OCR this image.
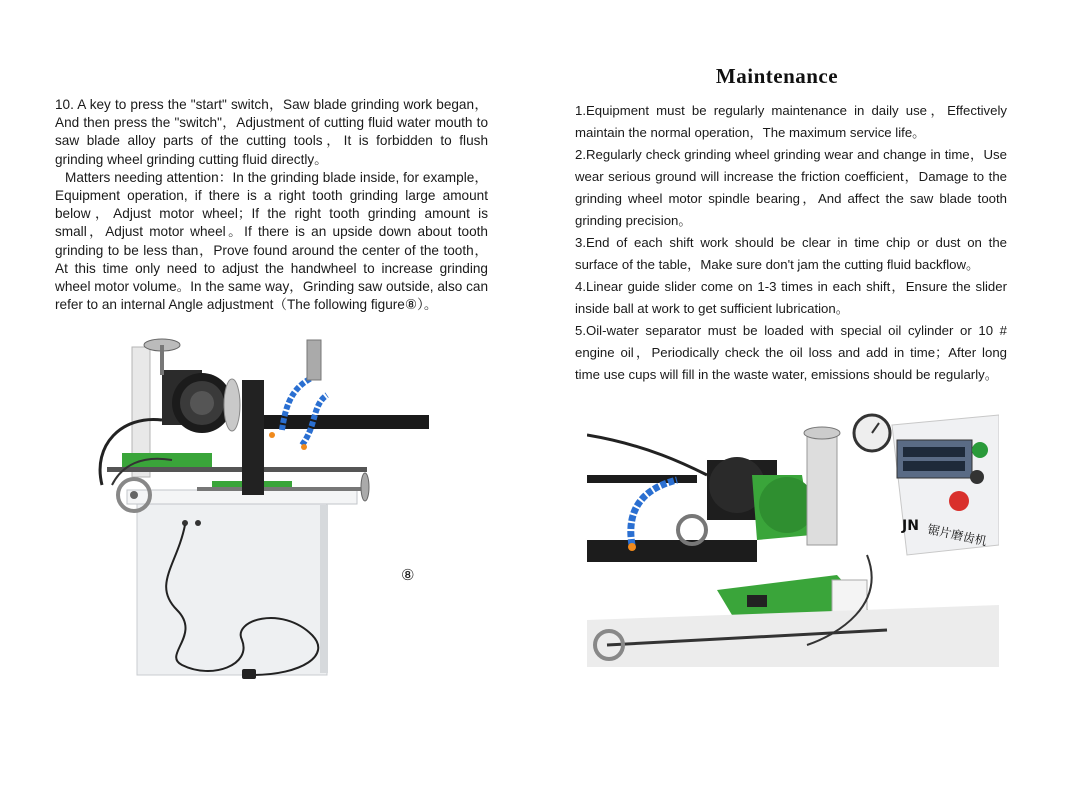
10. A key to press the "start" switch，Saw blade grinding work began，And then press the "switch"，Adjustment of cutting fluid water mouth to saw blade alloy parts of the cutting tools，It is forbidden to flush grinding wheel grinding cutting fluid directly。

Matters needing attention：In the grinding blade inside, for example，Equipment operation, if there is a right tooth grinding large amount below，Adjust motor wheel；If the right tooth grinding amount is small，Adjust motor wheel。If there is an upside down about tooth grinding to be less than，Prove found around the center of the tooth，At this time only need to adjust the handwheel to increase grinding wheel motor volume。In the same way，Grinding saw outside, also can refer to an internal Angle adjustment（The following figure⑧）。

⑧
Maintenance

1.Equipment must be regularly maintenance in daily use，Effectively maintain the normal operation，The maximum service life。

2.Regularly check grinding wheel grinding wear and change in time，Use wear serious ground will increase the friction coefficient，Damage to the grinding wheel motor spindle bearing，And affect the saw blade tooth grinding precision。

3.End of each shift work should be clear in time chip or dust on the surface of the table，Make sure don't jam the cutting fluid backflow。

4.Linear guide slider come on 1-3 times in each shift，Ensure the slider inside ball at work to get sufficient lubrication。

5.Oil-water separator must be loaded with special oil cylinder or 10 # engine oil，Periodically check the oil loss and add in time；After long time use cups will fill in the waste water, emissions should be regularly。

JN 锯片磨齿机
